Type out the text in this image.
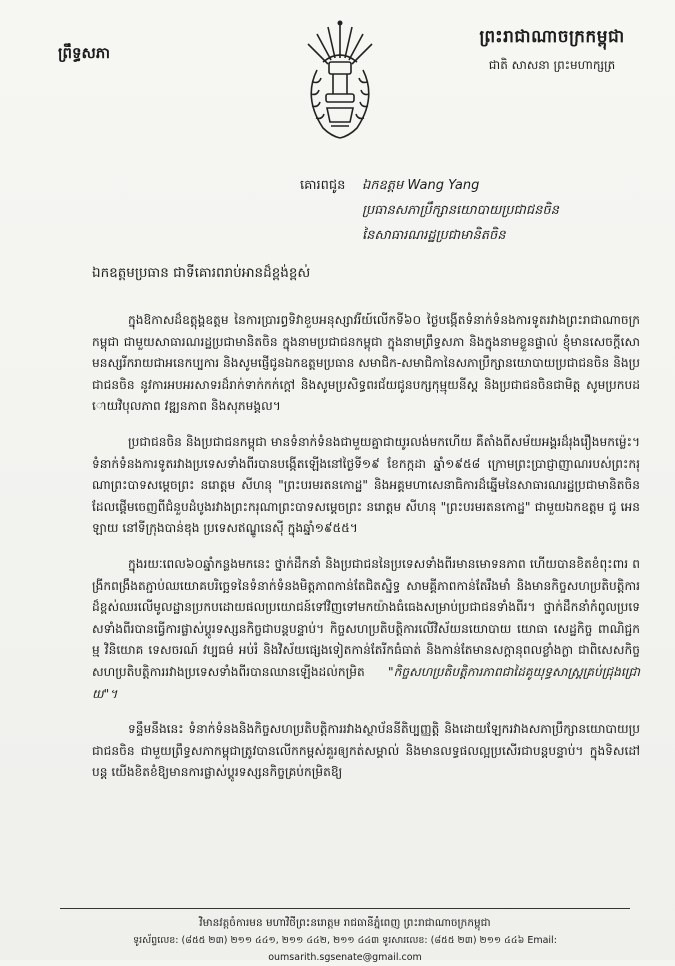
ព្រឹទ្ធសភា
ព្រះរាជាណាចក្រកម្ពុជា
ជាតិ សាសនា ព្រះមហាក្សត្រ
គោរពជូន	ឯកឧត្តម Wang Yang
ប្រធានសភាប្រឹក្សានយោបាយប្រជាជនចិន
នៃសាធារណរដ្ឋប្រជាមានិតចិន
ឯកឧត្តមប្រធាន ជាទីគោរពរាប់អានដ៏ខ្ពង់ខ្ពស់

ក្នុងឱកាសដ៏ឧត្តុង្គឧត្តម នៃការប្រារព្ធទិវាខួបអនុស្សាវរីយ៍លើកទី៦០ ថ្ងៃបង្កើតទំនាក់ទំនងការទូតរវាងព្រះរាជាណាចក្រកម្ពុជា ជាមួយសាធារណរដ្ឋប្រជាមានិតចិន ក្នុងនាមប្រជាជនកម្ពុជា ក្នុងនាមព្រឹទ្ធសភា និងក្នុងនាមខ្លួនផ្ទាល់ ខ្ញុំមានសេចក្តីសោមនស្សរីករាយជាអនេកប្បការ និងសូមផ្ញើជូនឯកឧត្តមប្រធាន សមាជិក-សមាជិកានៃសភាប្រឹក្សានយោបាយប្រជាជនចិន និងប្រជាជនចិន នូវការអបអរសាទរដ៏រាក់ទាក់កក់ក្តៅ និងសូមប្រសិទ្ធពរជ័យជូនបក្សកុម្មុយនីស្ត និងប្រជាជនចិនជាមិត្ត សូមប្រកបដោយវិបុលភាព វឌ្ឍនភាព និងសុភមង្គល។

ប្រជាជនចិន និងប្រជាជនកម្ពុជា មានទំនាក់ទំនងជាមួយគ្នាជាយូរលង់មកហើយ គឺតាំងពីសម័យអង្គរដ៏រុងរឿងមកម្ល៉េះ។ ទំនាក់ទំនងការទូតរវាងប្រទេសទាំងពីរបានបង្កើតឡើងនៅថ្ងៃទី១៩ ខែកក្កដា ឆ្នាំ១៩៥៨ ក្រោមព្រះប្រាជ្ញាញាណរបស់ព្រះករុណាព្រះបាទសម្តេចព្រះ នរោត្តម សីហនុ "ព្រះបរមរតនកោដ្ឋ" និងអគ្គមហាសេនាធិការដ៏ឆ្នើមនៃសាធារណរដ្ឋប្រជាមានិតចិន ដែលផ្តើមចេញពីជំនួបដំបូងរវាងព្រះករុណាព្រះបាទសម្តេចព្រះ នរោត្តម សីហនុ "ព្រះបរមរតនកោដ្ឋ" ជាមួយឯកឧត្តម ជូ អេនឡាយ នៅទីក្រុងបាន់ឌុង ប្រទេសឥណ្ឌូនេស៊ី ក្នុងឆ្នាំ១៩៥៥។

ក្នុងរយៈពេល៦០ឆ្នាំកន្លងមកនេះ ថ្នាក់ដឹកនាំ និងប្រជាជននៃប្រទេសទាំងពីរមានមោទនភាព ហើយបានខិតខំពុះពារ ពង្រីកពង្រឹងតភ្ជាប់ឈយោគបរិច្ឆេទនៃទំនាក់ទំនងមិត្តភាពកាន់តែជិតស្និទ្ធ សាមគ្គីភាពកាន់តែរឹងមាំ និងមានកិច្ចសហប្រតិបត្តិការដ៏ខ្ពស់ឈរលើមូលដ្ឋានប្រកបដោយផលប្រយោជន៍ទៅវិញទៅមកយ៉ាងធំធេងសម្រាប់ប្រជាជនទាំងពីរ។ ថ្នាក់ដឹកនាំកំពូលប្រទេសទាំងពីរបានធ្វើការផ្លាស់ប្តូរទស្សនកិច្ចជាបន្តបន្ទាប់។ កិច្ចសហប្រតិបត្តិការលើវិស័យនយោបាយ យោធា សេដ្ឋកិច្ច ពាណិជ្ជកម្ម វិនិយោគ ទេសចរណ៍ វប្បធម៌ អប់រំ និងវិស័យផ្សេងទៀតកាន់តែរីកធំធាត់ និងកាន់តែមានសក្តានុពលខ្លាំងក្លា ជាពិសេសកិច្ចសហប្រតិបត្តិការរវាងប្រទេសទាំងពីរបានឈានឡើងដល់កម្រិត "កិច្ចសហប្រតិបត្តិការភាពជាដៃគូយុទ្ធសាស្ត្រគ្រប់ជ្រុងជ្រោយ"។

ទន្ទឹមនឹងនេះ ទំនាក់ទំនងនិងកិច្ចសហប្រតិបត្តិការរវាងស្ថាប័ននីតិប្បញ្ញត្តិ និងដោយឡែករវាងសភាប្រឹក្សានយោបាយប្រជាជនចិន ជាមួយព្រឹទ្ធសភាកម្ពុជាត្រូវបានលើកកម្ពស់គួរឲ្យកត់សម្គាល់ និងមានលទ្ធផលល្អប្រសើរជាបន្តបន្ទាប់។ ក្នុងទិសដៅបន្ត យើងខិតខំឱ្យមានការផ្លាស់ប្តូរទស្សនកិច្ចគ្រប់កម្រិតឱ្យ

វិមានវត្តចំការមន មហាវិថីព្រះនរោត្តម រាជធានីភ្នំពេញ ព្រះរាជាណាចក្រកម្ពុជា
ទូរស័ព្ទលេខ: (៨៥៥ ២៣) ២១១ ៤៤១, ២១១ ៤៤២, ២១១ ៤៤៣ ទូរសារលេខ: (៨៥៥ ២៣) ២១១ ៤៤៦ Email: oumsarith.sgsenate@gmail.com
